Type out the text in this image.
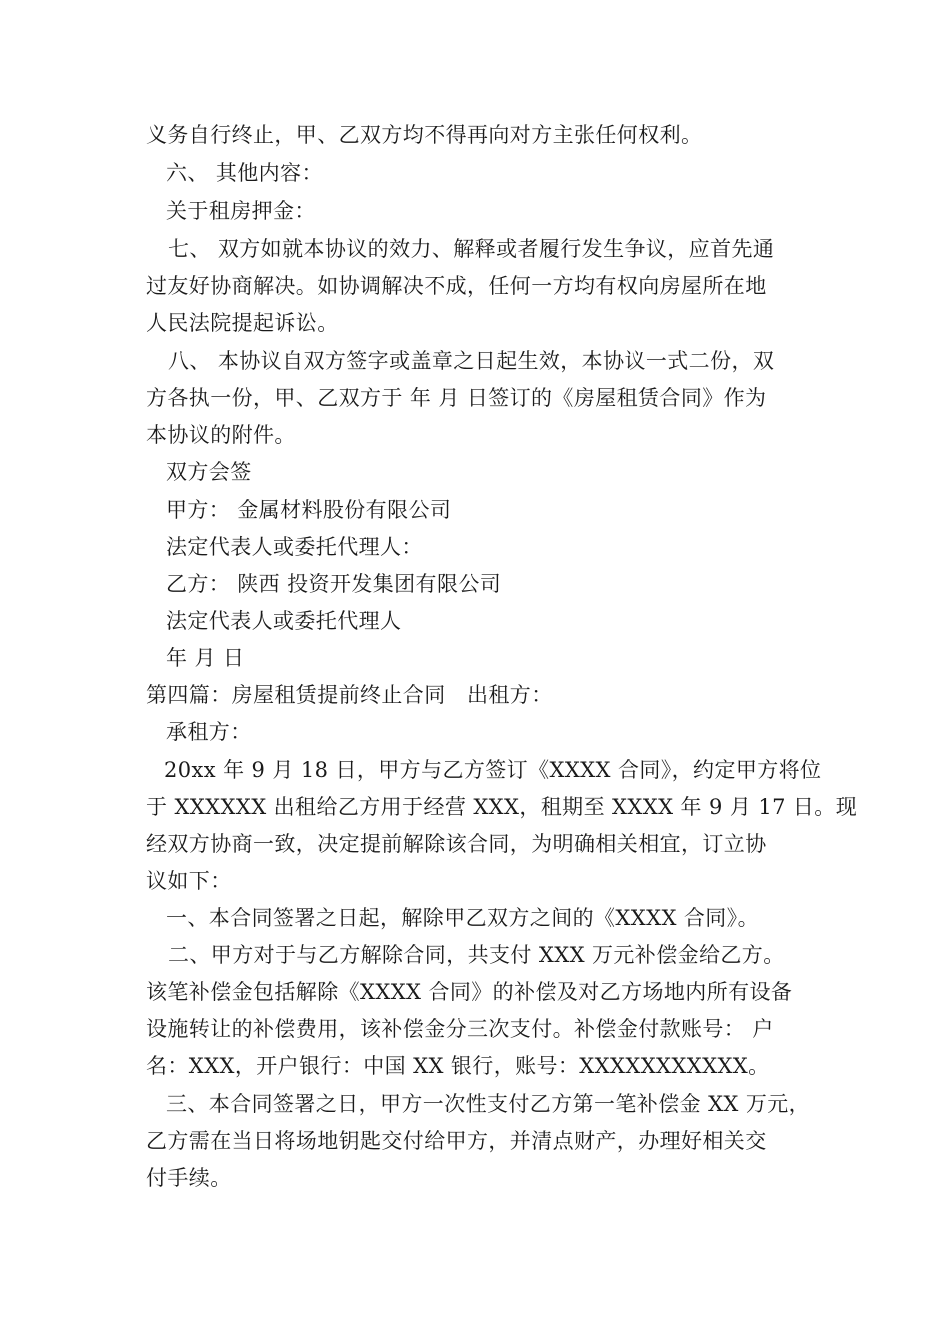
义务自行终止，甲、乙双方均不得再向对方主张任何权利。
六、 其他内容：
关于租房押金：
七、 双方如就本协议的效力、解释或者履行发生争议，应首先通
过友好协商解决。如协调解决不成，任何一方均有权向房屋所在地
人民法院提起诉讼。
八、 本协议自双方签字或盖章之日起生效，本协议一式二份，双
方各执一份，甲、乙双方于 年 月 日签订的《房屋租赁合同》作为
本协议的附件。
双方会签
甲方： 金属材料股份有限公司
法定代表人或委托代理人：
乙方： 陕西 投资开发集团有限公司
法定代表人或委托代理人
年 月 日
第四篇：房屋租赁提前终止合同　出租方：
承租方：
20xx 年 9 月 18 日，甲方与乙方签订《XXXX 合同》，约定甲方将位
于 XXXXXX 出租给乙方用于经营 XXX，租期至 XXXX 年 9 月 17 日。现
经双方协商一致，决定提前解除该合同，为明确相关相宜，订立协
议如下：
一、本合同签署之日起，解除甲乙双方之间的《XXXX 合同》。
二、甲方对于与乙方解除合同，共支付 XXX 万元补偿金给乙方。
该笔补偿金包括解除《XXXX 合同》的补偿及对乙方场地内所有设备
设施转让的补偿费用，该补偿金分三次支付。补偿金付款账号： 户
名：XXX，开户银行：中国 XX 银行，账号：XXXXXXXXXXX。
三、本合同签署之日，甲方一次性支付乙方第一笔补偿金 XX 万元，
乙方需在当日将场地钥匙交付给甲方，并清点财产，办理好相关交
付手续。
